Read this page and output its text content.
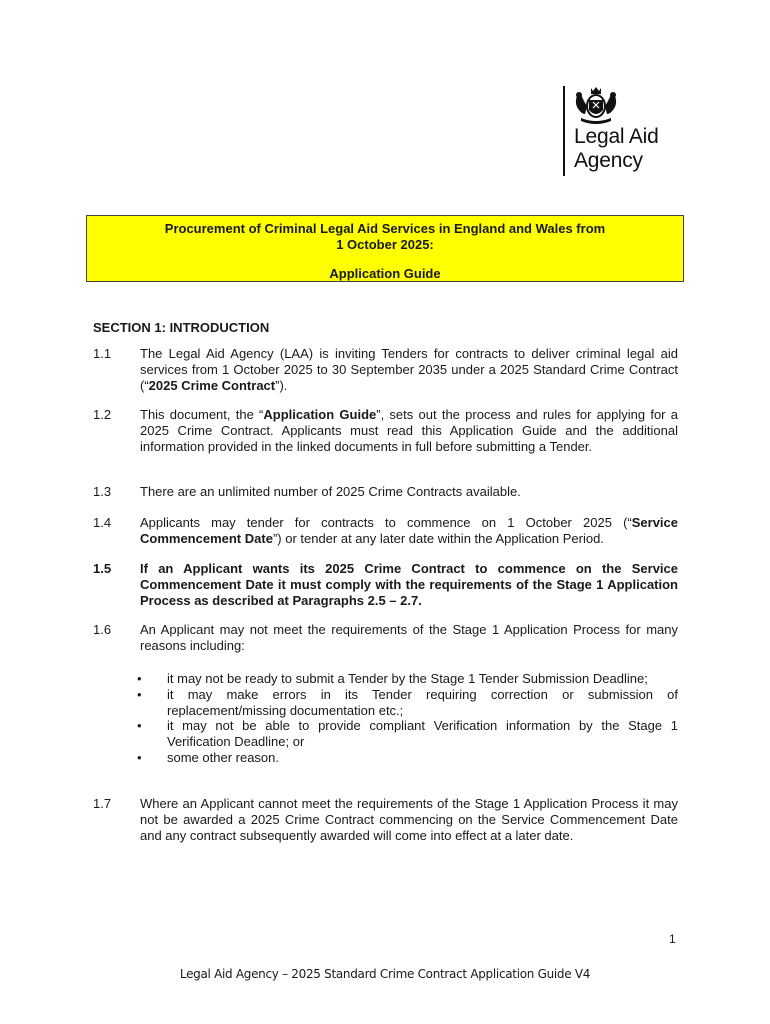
Legal Aid
Agency
Procurement of Criminal Legal Aid Services in England and Wales from
1 October 2025:
Application Guide
SECTION 1: INTRODUCTION
1.1 The Legal Aid Agency (LAA) is inviting Tenders for contracts to deliver criminal legal aid services from 1 October 2025 to 30 September 2035 under a 2025 Standard Crime Contract (“2025 Crime Contract”).
1.2 This document, the “Application Guide”, sets out the process and rules for applying for a 2025 Crime Contract. Applicants must read this Application Guide and the additional information provided in the linked documents in full before submitting a Tender.
1.3 There are an unlimited number of 2025 Crime Contracts available.
1.4 Applicants may tender for contracts to commence on 1 October 2025 (“Service Commencement Date”) or tender at any later date within the Application Period.
1.5 If an Applicant wants its 2025 Crime Contract to commence on the Service Commencement Date it must comply with the requirements of the Stage 1 Application Process as described at Paragraphs 2.5 – 2.7.
1.6 An Applicant may not meet the requirements of the Stage 1 Application Process for many reasons including:
• it may not be ready to submit a Tender by the Stage 1 Tender Submission Deadline;
• it may make errors in its Tender requiring correction or submission of replacement/missing documentation etc.;
• it may not be able to provide compliant Verification information by the Stage 1 Verification Deadline; or
• some other reason.
1.7 Where an Applicant cannot meet the requirements of the Stage 1 Application Process it may not be awarded a 2025 Crime Contract commencing on the Service Commencement Date and any contract subsequently awarded will come into effect at a later date.
1
Legal Aid Agency – 2025 Standard Crime Contract Application Guide V4
